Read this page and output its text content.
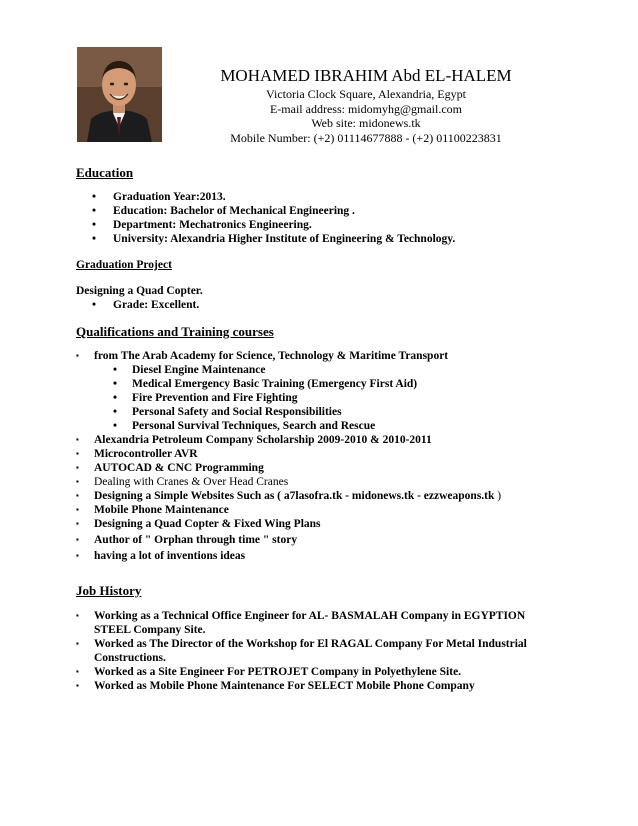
MOHAMED IBRAHIM Abd EL-HALEM
Victoria Clock Square, Alexandria, Egypt
E-mail address: midomyhg@gmail.com
Web site: midonews.tk
Mobile Number: (+2) 01114677888 - (+2) 01100223831
Education
• Graduation Year:2013.
• Education: Bachelor of Mechanical Engineering .
• Department: Mechatronics Engineering.
• University: Alexandria Higher Institute of Engineering & Technology.
Graduation Project
Designing a Quad Copter.
• Grade: Excellent.
Qualifications and Training courses
▪ from The Arab Academy for Science, Technology & Maritime Transport
• Diesel Engine Maintenance
• Medical Emergency Basic Training (Emergency First Aid)
• Fire Prevention and Fire Fighting
• Personal Safety and Social Responsibilities
• Personal Survival Techniques, Search and Rescue
▪ Alexandria Petroleum Company Scholarship 2009-2010 & 2010-2011
▪ Microcontroller AVR
▪ AUTOCAD & CNC Programming
▪ Dealing with Cranes & Over Head Cranes
▪ Designing a Simple Websites Such as ( a7lasofra.tk - midonews.tk - ezzweapons.tk )
▪ Mobile Phone Maintenance
▪ Designing a Quad Copter & Fixed Wing Plans
▪ Author of " Orphan through time " story
▪ having a lot of inventions ideas
Job History
▪ Working as a Technical Office Engineer for AL- BASMALAH Company in EGYPTION STEEL Company Site.
▪ Worked as The Director of the Workshop for El RAGAL Company For Metal Industrial Constructions.
▪ Worked as a Site Engineer For PETROJET Company in Polyethylene Site.
▪ Worked as Mobile Phone Maintenance For SELECT Mobile Phone Company
